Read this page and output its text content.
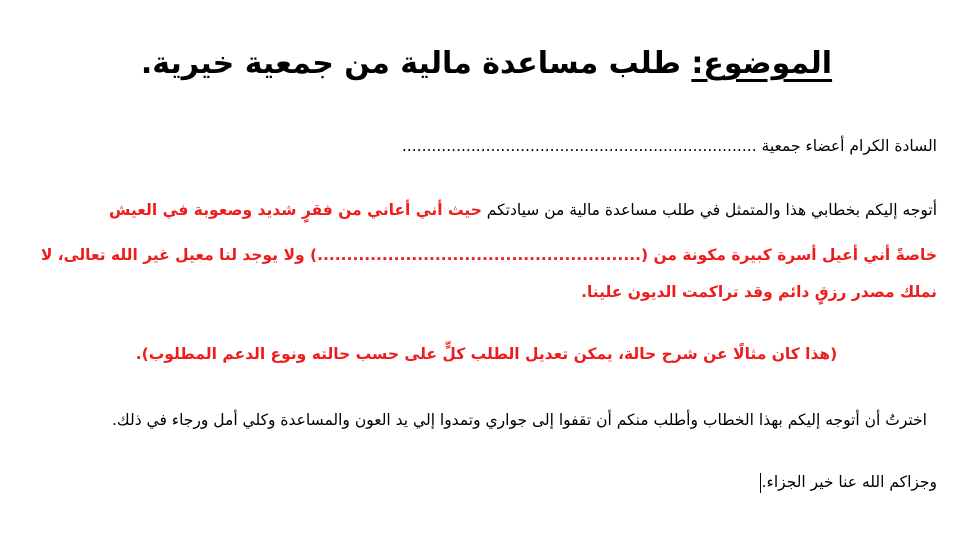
الموضوع: طلب مساعدة مالية من جمعية خيرية.
السادة الكرام أعضاء جمعية ........................................................................
أتوجه إليكم بخطابي هذا والمتمثل في طلب مساعدة مالية من سيادتكم حيث أني أعاني من فقرٍ شديد وصعوبة في العيش
خاصةً أني أعيل أسرة كبيرة مكونة من (.......................................................) ولا يوجد لنا معيل غير الله تعالى، لا
نملك مصدر رزقٍ دائم وقد تراكمت الديون علينا.
(هذا كان مثالًا عن شرح حالة، يمكن تعديل الطلب كلٍّ على حسب حالته ونوع الدعم المطلوب).
اخترتُ أن أتوجه إليكم بهذا الخطاب وأطلب منكم أن تقفوا إلى جواري وتمدوا إلي يد العون والمساعدة وكلي أمل ورجاء في ذلك.
وجزاكم الله عنا خير الجزاء.
